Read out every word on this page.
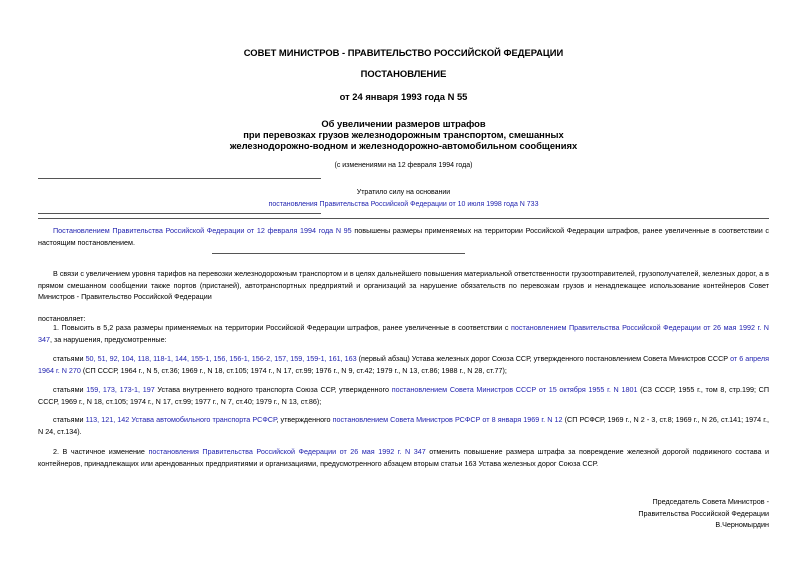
СОВЕТ МИНИСТРОВ - ПРАВИТЕЛЬСТВО РОССИЙСКОЙ ФЕДЕРАЦИИ
ПОСТАНОВЛЕНИЕ
от 24 января 1993 года N 55
Об увеличении размеров штрафов
при перевозках грузов железнодорожным транспортом, смешанных
железнодорожно-водном и железнодорожно-автомобильном сообщениях
(с изменениями на 12 февраля 1994 года)
Утратило силу на основании
постановления Правительства Российской Федерации от 10 июля 1998 года N 733
Постановлением Правительства Российской Федерации от 12 февраля 1994 года N 95 повышены размеры применяемых на территории Российской Федерации штрафов, ранее увеличенные в соответствии с настоящим постановлением.
В связи с увеличением уровня тарифов на перевозки железнодорожным транспортом и в целях дальнейшего повышения материальной ответственности грузоотправителей, грузополучателей, железных дорог, а в прямом смешанном сообщении также портов (пристаней), автотранспортных предприятий и организаций за нарушение обязательств по перевозкам грузов и ненадлежащее использование контейнеров Совет Министров - Правительство Российской Федерации
постановляет:
1. Повысить в 5,2 раза размеры применяемых на территории Российской Федерации штрафов, ранее увеличенные в соответствии с постановлением Правительства Российской Федерации от 26 мая 1992 г. N 347, за нарушения, предусмотренные:
статьями 50, 51, 92, 104, 118, 118-1, 144, 155-1, 156, 156-1, 156-2, 157, 159, 159-1, 161, 163 (первый абзац) Устава железных дорог Союза ССР, утвержденного постановлением Совета Министров СССР от 6 апреля 1964 г. N 270 (СП СССР, 1964 г., N 5, ст.36; 1969 г., N 18, ст.105; 1974 г., N 17, ст.99; 1976 г., N 9, ст.42; 1979 г., N 13, ст.86; 1988 г., N 28, ст.77);
статьями 159, 173, 173-1, 197 Устава внутреннего водного транспорта Союза ССР, утвержденного постановлением Совета Министров СССР от 15 октября 1955 г. N 1801 (СЗ СССР, 1955 г., том 8, стр.199; СП СССР, 1969 г., N 18, ст.105; 1974 г., N 17, ст.99; 1977 г., N 7, ст.40; 1979 г., N 13, ст.86);
статьями 113, 121, 142 Устава автомобильного транспорта РСФСР, утвержденного постановлением Совета Министров РСФСР от 8 января 1969 г. N 12 (СП РСФСР, 1969 г., N 2 - 3, ст.8; 1969 г., N 26, ст.141; 1974 г., N 24, ст.134).
2. В частичное изменение постановления Правительства Российской Федерации от 26 мая 1992 г. N 347 отменить повышение размера штрафа за повреждение железной дорогой подвижного состава и контейнеров, принадлежащих или арендованных предприятиями и организациями, предусмотренного абзацем вторым статьи 163 Устава железных дорог Союза ССР.
Председатель Совета Министров -
Правительства Российской Федерации
В.Черномырдин
